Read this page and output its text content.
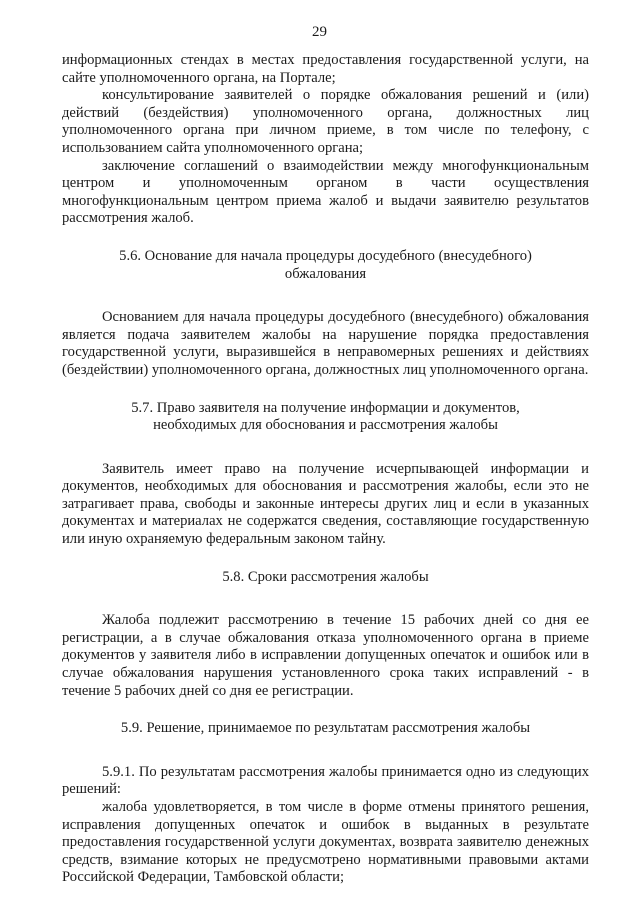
29

информационных стендах в местах предоставления государственной услуги, на сайте уполномоченного органа, на Портале;

консультирование заявителей о порядке обжалования решений и (или) действий (бездействия) уполномоченного органа, должностных лиц уполномоченного органа при личном приеме, в том числе по телефону, с использованием сайта уполномоченного органа;

заключение соглашений о взаимодействии между многофункциональным центром и уполномоченным органом в части осуществления многофункциональным центром приема жалоб и выдачи заявителю результатов рассмотрения жалоб.

5.6. Основание для начала процедуры досудебного (внесудебного) обжалования

Основанием для начала процедуры досудебного (внесудебного) обжалования является подача заявителем жалобы на нарушение порядка предоставления государственной услуги, выразившейся в неправомерных решениях и действиях (бездействии) уполномоченного органа, должностных лиц уполномоченного органа.

5.7. Право заявителя на получение информации и документов, необходимых для обоснования и рассмотрения жалобы

Заявитель имеет право на получение исчерпывающей информации и документов, необходимых для обоснования и рассмотрения жалобы, если это не затрагивает права, свободы и законные интересы других лиц и если в указанных документах и материалах не содержатся сведения, составляющие государственную или иную охраняемую федеральным законом тайну.

5.8. Сроки рассмотрения жалобы

Жалоба подлежит рассмотрению в течение 15 рабочих дней со дня ее регистрации, а в случае обжалования отказа уполномоченного органа в приеме документов у заявителя либо в исправлении допущенных опечаток и ошибок или в случае обжалования нарушения установленного срока таких исправлений - в течение 5 рабочих дней со дня ее регистрации.

5.9. Решение, принимаемое по результатам рассмотрения жалобы

5.9.1. По результатам рассмотрения жалобы принимается одно из следующих решений:

жалоба удовлетворяется, в том числе в форме отмены принятого решения, исправления допущенных опечаток и ошибок в выданных в результате предоставления государственной услуги документах, возврата заявителю денежных средств, взимание которых не предусмотрено нормативными правовыми актами Российской Федерации, Тамбовской области;
